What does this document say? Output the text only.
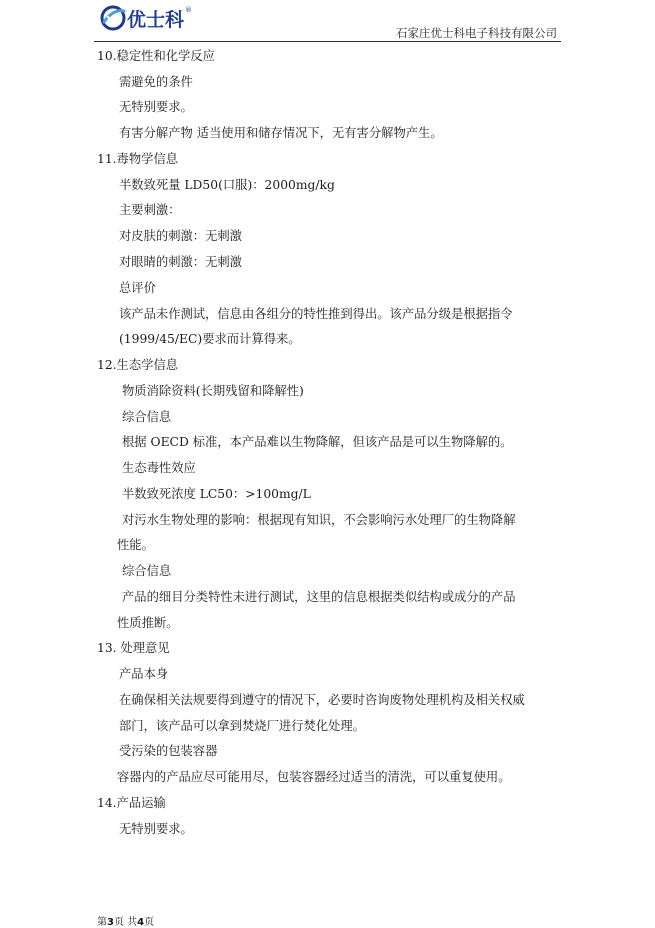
优士科 ®
石家庄优士科电子科技有限公司
10.稳定性和化学反应
需避免的条件
无特别要求。
有害分解产物 适当使用和储存情况下，无有害分解物产生。
11.毒物学信息
半数致死量 LD50(口服)：2000mg/kg
主要刺激：
对皮肤的刺激：无刺激
对眼睛的刺激：无刺激
总评价
该产品未作测试，信息由各组分的特性推到得出。该产品分级是根据指令
(1999/45/EC)要求而计算得来。
12.生态学信息
物质消除资料(长期残留和降解性)
综合信息
根据 OECD 标准，本产品难以生物降解，但该产品是可以生物降解的。
生态毒性效应
半数致死浓度 LC50：>100mg/L
对污水生物处理的影响：根据现有知识，不会影响污水处理厂的生物降解
性能。
综合信息
产品的细目分类特性未进行测试，这里的信息根据类似结构或成分的产品
性质推断。
13. 处理意见
产品本身
在确保相关法规要得到遵守的情况下，必要时咨询废物处理机构及相关权威
部门，该产品可以拿到焚烧厂进行焚化处理。
受污染的包装容器
容器内的产品应尽可能用尽，包装容器经过适当的清洗，可以重复使用。
14.产品运输
无特别要求。
第3页 共4页
